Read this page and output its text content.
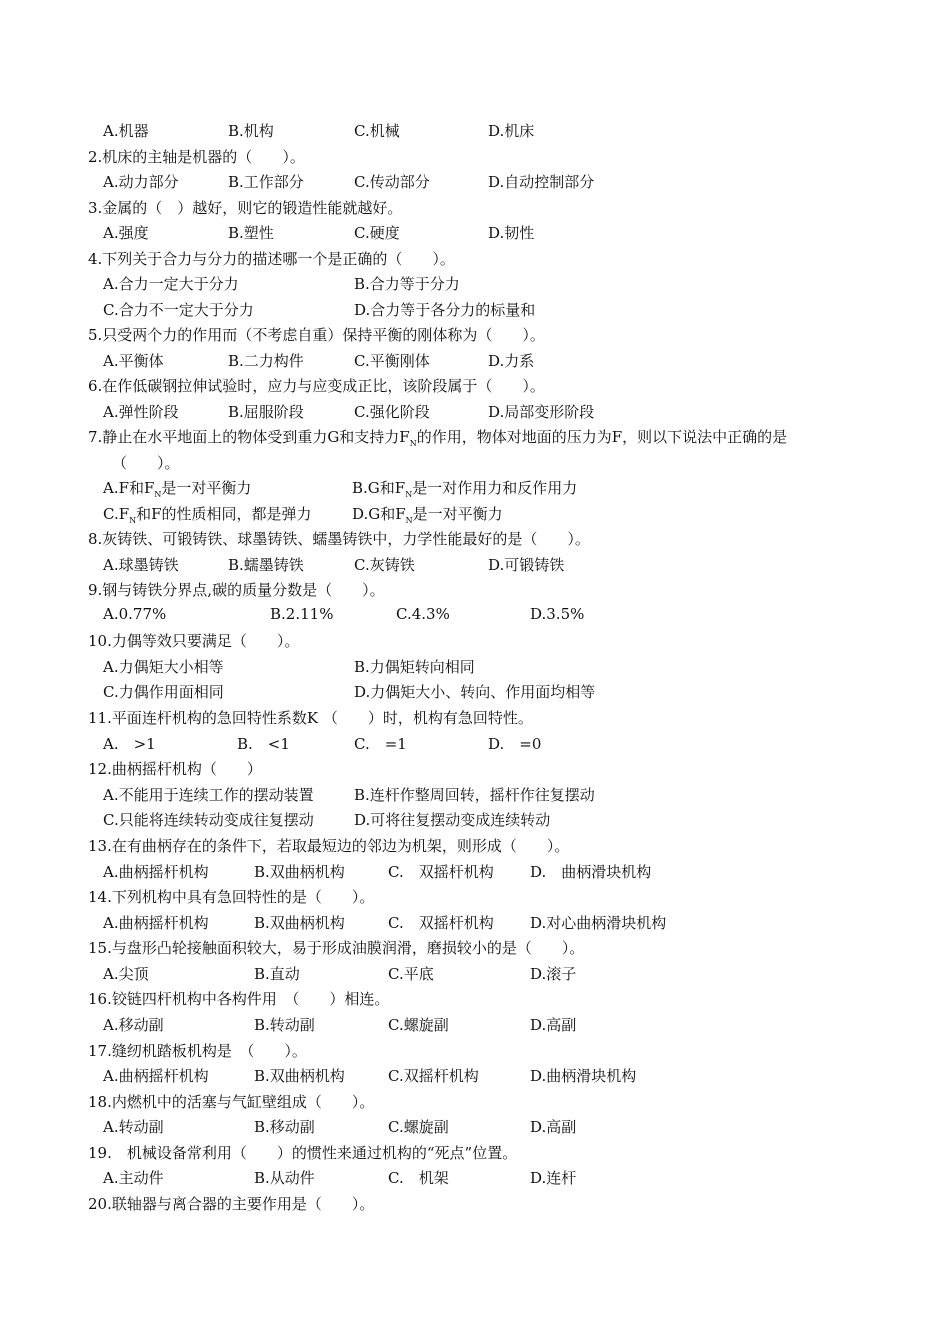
A.机器	B.机构	C.机械	D.机床
2.机床的主轴是机器的（　　）。
A.动力部分	B.工作部分	C.传动部分	D.自动控制部分
3.金属的（　）越好，则它的锻造性能就越好。
A.强度	B.塑性	C.硬度	D.韧性
4.下列关于合力与分力的描述哪一个是正确的（　　）。
A.合力一定大于分力	B.合力等于分力
C.合力不一定大于分力	D.合力等于各分力的标量和
5.只受两个力的作用而（不考虑自重）保持平衡的刚体称为（　　）。
A.平衡体	B.二力构件	C.平衡刚体	D.力系
6.在作低碳钢拉伸试验时，应力与应变成正比，该阶段属于（　　）。
A.弹性阶段	B.屈服阶段	C.强化阶段	D.局部变形阶段
7.静止在水平地面上的物体受到重力G和支持力$F_N$的作用，物体对地面的压力为F，则以下说法中正确的是
（　　）。
A.F和$F_N$是一对平衡力	B.G和$F_N$是一对作用力和反作用力
$C.F_N$和F的性质相同，都是弹力	D.G和$F_N$是一对平衡力
8.灰铸铁、可锻铸铁、球墨铸铁、蠕墨铸铁中，力学性能最好的是（　　）。
A.球墨铸铁	B.蠕墨铸铁	C.灰铸铁	D.可锻铸铁
9.钢与铸铁分界点,碳的质量分数是（　　）。
A.0.77%	B.2.11%	C.4.3%	D.3.5%
10.力偶等效只要满足（　　）。
A.力偶矩大小相等	B.力偶矩转向相同
C.力偶作用面相同	D.力偶矩大小、转向、作用面均相等
11.平面连杆机构的急回特性系数K （　　）时，机构有急回特性。
A.　>1	B.　<1	C.　=1	D.　=0
12.曲柄摇杆机构（　　）
A.不能用于连续工作的摆动装置	B.连杆作整周回转，摇杆作往复摆动
C.只能将连续转动变成往复摆动	D.可将往复摆动变成连续转动
13.在有曲柄存在的条件下，若取最短边的邻边为机架，则形成（　　）。
A.曲柄摇杆机构	B.双曲柄机构	C.　双摇杆机构 D.　曲柄滑块机构
14.下列机构中具有急回特性的是（　　）。
A.曲柄摇杆机构	B.双曲柄机构	C.　双摇杆机构 D.对心曲柄滑块机构
15.与盘形凸轮接触面积较大，易于形成油膜润滑，磨损较小的是（　　）。
A.尖顶	B.直动	C.平底	D.滚子
16.铰链四杆机构中各构件用　（　　）相连。
A.移动副	B.转动副	C.螺旋副	D.高副
17.缝纫机踏板机构是　（　　）。
A.曲柄摇杆机构	B.双曲柄机构	C.双摇杆机构	D.曲柄滑块机构
18.内燃机中的活塞与气缸壁组成（　　）。
A.转动副	B.移动副	C.螺旋副	D.高副
19.　机械设备常利用（　　）的惯性来通过机构的“死点”位置。
A.主动件	B.从动件	C.　机架	D.连杆
20.联轴器与离合器的主要作用是（　　）。
